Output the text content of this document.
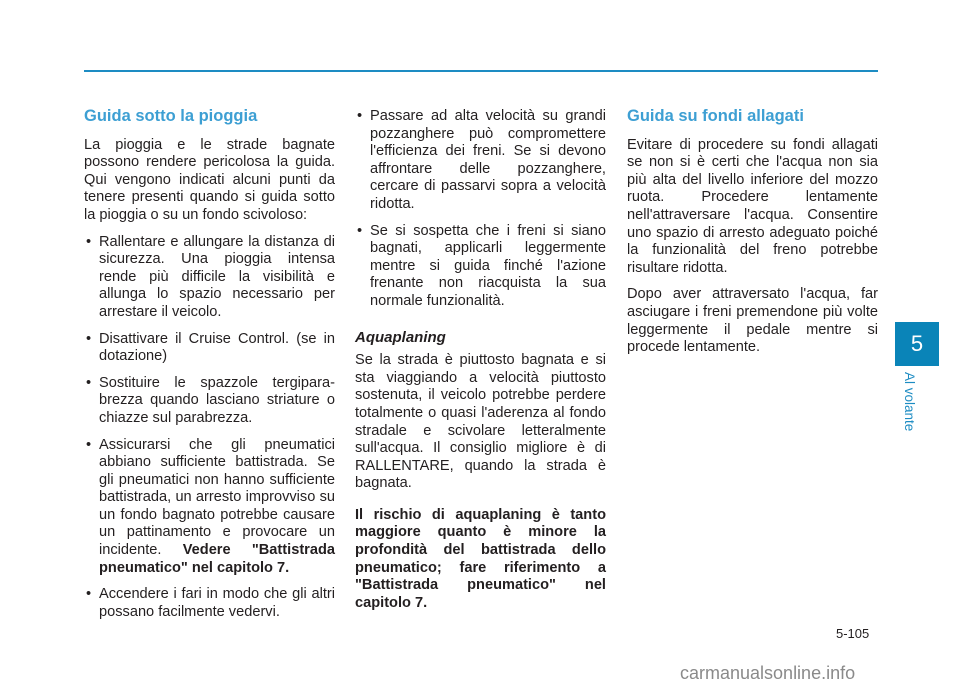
Guida sotto la pioggia

La pioggia e le strade bagnate possono rendere pericolosa la guida. Qui vengono indicati alcuni punti da tenere presenti quando si guida sotto la pioggia o su un fondo scivoloso:

• Rallentare e allungare la distanza di sicurezza. Una pioggia intensa rende più difficile la visibilità e allunga lo spazio necessario per arrestare il veicolo.
• Disattivare il Cruise Control. (se in dotazione)
• Sostituire le spazzole tergipara-brezza quando lasciano striature o chiazze sul parabrezza.
• Assicurarsi che gli pneumatici abbiano sufficiente battistrada. Se gli pneumatici non hanno sufficiente battistrada, un arresto improvviso su un fondo bagnato potrebbe causare un pattinamento e provocare un incidente. Vedere "Battistrada pneumatico" nel capitolo 7.
• Accendere i fari in modo che gli altri possano facilmente vedervi.
• Passare ad alta velocità su grandi pozzanghere può compromettere l'efficienza dei freni. Se si devono affrontare delle pozzanghere, cercare di passarvi sopra a velocità ridotta.
• Se si sospetta che i freni si siano bagnati, applicarli leggermente mentre si guida finché l'azione frenante non riacquista la sua normale funzionalità.
Aquaplaning

Se la strada è piuttosto bagnata e si sta viaggiando a velocità piuttosto sostenuta, il veicolo potrebbe perdere totalmente o quasi l'aderenza al fondo stradale e scivolare letteralmente sull'acqua. Il consiglio migliore è di RALLENTARE, quando la strada è bagnata.

Il rischio di aquaplaning è tanto maggiore quanto è minore la profondità del battistrada dello pneumatico; fare riferimento a "Battistrada pneumatico" nel capitolo 7.

Guida su fondi allagati

Evitare di procedere su fondi allagati se non si è certi che l'acqua non sia più alta del livello inferiore del mozzo ruota. Procedere lentamente nell'attraversare l'acqua. Consentire uno spazio di arresto adeguato poiché la funzionalità del freno potrebbe risultare ridotta.

Dopo aver attraversato l'acqua, far asciugare i freni premendone più volte leggermente il pedale mentre si procede lentamente.	5
Al volante
5-105
carmanualsonline.info
